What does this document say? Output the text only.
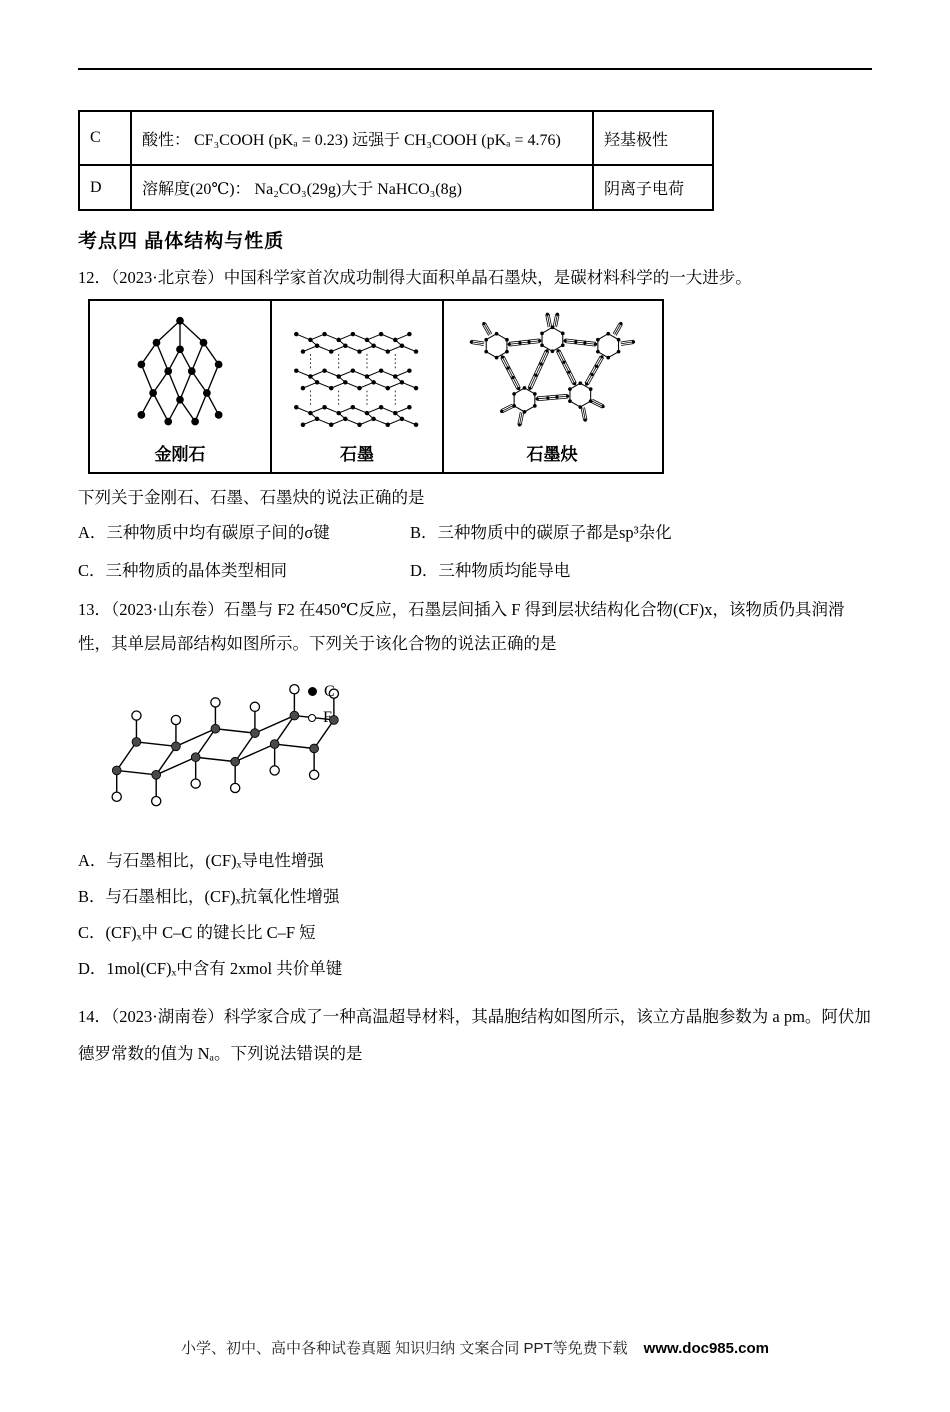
C	酸性： CF₃COOH (pKₐ = 0.23) 远强于 CH₃COOH (pKₐ = 4.76)	羟基极性
D	溶解度(20℃)： Na₂CO₃(29g)大于 NaHCO₃(8g)	阴离子电荷
考点四 晶体结构与性质

12．（2023·北京卷）中国科学家首次成功制得大面积单晶石墨炔，是碳材料科学的一大进步。

金刚石	石墨	石墨炔

下列关于金刚石、石墨、石墨炔的说法正确的是

A．三种物质中均有碳原子间的σ键	B．三种物质中的碳原子都是sp³杂化
C．三种物质的晶体类型相同	D．三种物质均能导电

13．（2023·山东卷）石墨与 F2 在450℃反应，石墨层间插入 F 得到层状结构化合物(CF)x，该物质仍具润滑性，其单层局部结构如图所示。下列关于该化合物的说法正确的是

C
F

A．与石墨相比，(CF)ₓ导电性增强

B．与石墨相比，(CF)ₓ抗氧化性增强

C．(CF)ₓ中 C–C 的键长比 C–F 短

D．1mol(CF)ₓ中含有 2xmol 共价单键

14．（2023·湖南卷）科学家合成了一种高温超导材料，其晶胞结构如图所示，该立方晶胞参数为 a pm。阿伏加德罗常数的值为 Nₐ。下列说法错误的是

小学、初中、高中各种试卷真题 知识归纳 文案合同 PPT等免费下载 www.doc985.com
